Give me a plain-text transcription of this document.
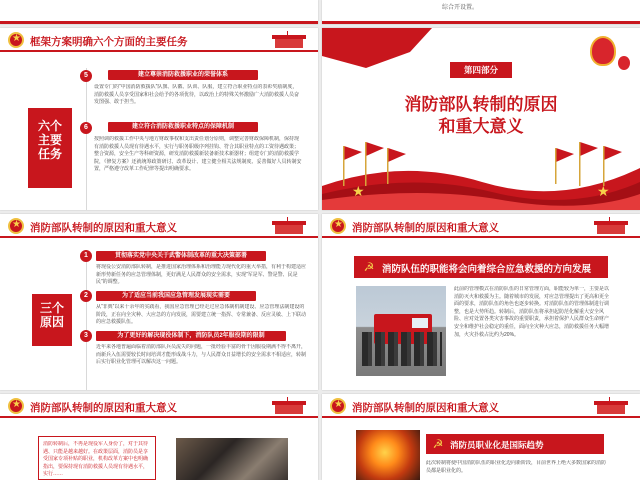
综合开设置。
★
框架方案明确六个方面的主要任务
六个
主要
任务
5	建立尊崇消防救援职业的荣誉体系
设置专门的“中国消防救援队”队旗、队徽、队训、队服，建立符合职业特点的表彰奖励制度，消防救援人员享受国家和社会给予的各项优待，以政治上的特殊关怀激励广大消防救援人员奋发图强、敢于担当。
6	建立符合消防救援职业特点的保障机制
按照调的救援工作中央与地方财政事权和支出责任划分原则，调整完善财政保障机制，保持现有消防救援人员现有待遇水平，实行与职务职级序列挂钩、符合其职业特点的工资待遇政策；整合资源，安全生产等科研资源，研发消防救援新装备新技术新器材；组建专门的消防救援学院，《修复方案》还就统筹政策研讨、改革设计、建立健全相关法规制度、妥善做好人员转制安置，严格遵守改革工作纪律等提出明确要求。
第四部分
消防部队转制的原因
和重大意义
★	★
★
消防部队转制的原因和重大意义
三个
原因
1	贯彻落实党中央关于武警体制改革的重大决策部署
将现役公安消防部队转制，是推进国家治理体系和治理能力现代化的重大举措，有利于构建适应新形势新任务的应急管理体制，更好满足人民群众的安全需求，实现“军是军、警是警、民是民”的调整。
2	为了适应当前我国应急管理发展现实需要
从“非典”以来十余年的实践看，我国应急管理已经走过应急体制机制建设、应急管理法制建设的阶段，正在向全灾种、大应急的方向发展，需要建立统一指挥、专常兼备、反应灵敏、上下联动的应急救援队伍。
3	为了更好的解决现役体制下，消防队员2年服役期的限制
近年来各地普遍面临着消防部队兵员流失的问题，一批经验丰富的骨干因服役期满不得不离开，而新兵入伍需要较长时间培训才能形成战斗力，与人民群众日益增长的安全需求不相适应，转制后实行职业化管理可以解决这一问题。
★
消防部队转制的原因和重大意义
☭ 消防队伍的职能将会向着综合应急救援的方向发展
此前的管理模式在消防队伍的日常管理方面，职能较为单一，主要是以消防灭火和救援为主。随着城市的发展，对应急管理提出了更高和更全面的要求，消防队伍的角色也逐步转换。对消防队伍的管理体制进行调整，也是大势所趋。转制后，消防队伍将承担起防范化解重大安全风险、应对处置各类灾害事故的重要职责，承担着保护人民群众生命财产安全和维护社会稳定的重任，面向全灾种大应急，消防救援任务大幅增加，火灾扑救占比约为20%。
★
消防部队转制的原因和重大意义
消防转制后，不再是现役军人身份了，对于其待遇、只能是越来越好。在政策层面，消防员是享受国家专项补贴的职业，机构改革方案中也明确指出，要保持现有消防救援人员现有待遇水平，实行……
★
消防部队转制的原因和重大意义
☭ 消防员职业化是国际趋势
此次转制将使中国消防队伍的职业化迈向新阶段，目前世界上绝大多数国家的消防员都是职业化的。
